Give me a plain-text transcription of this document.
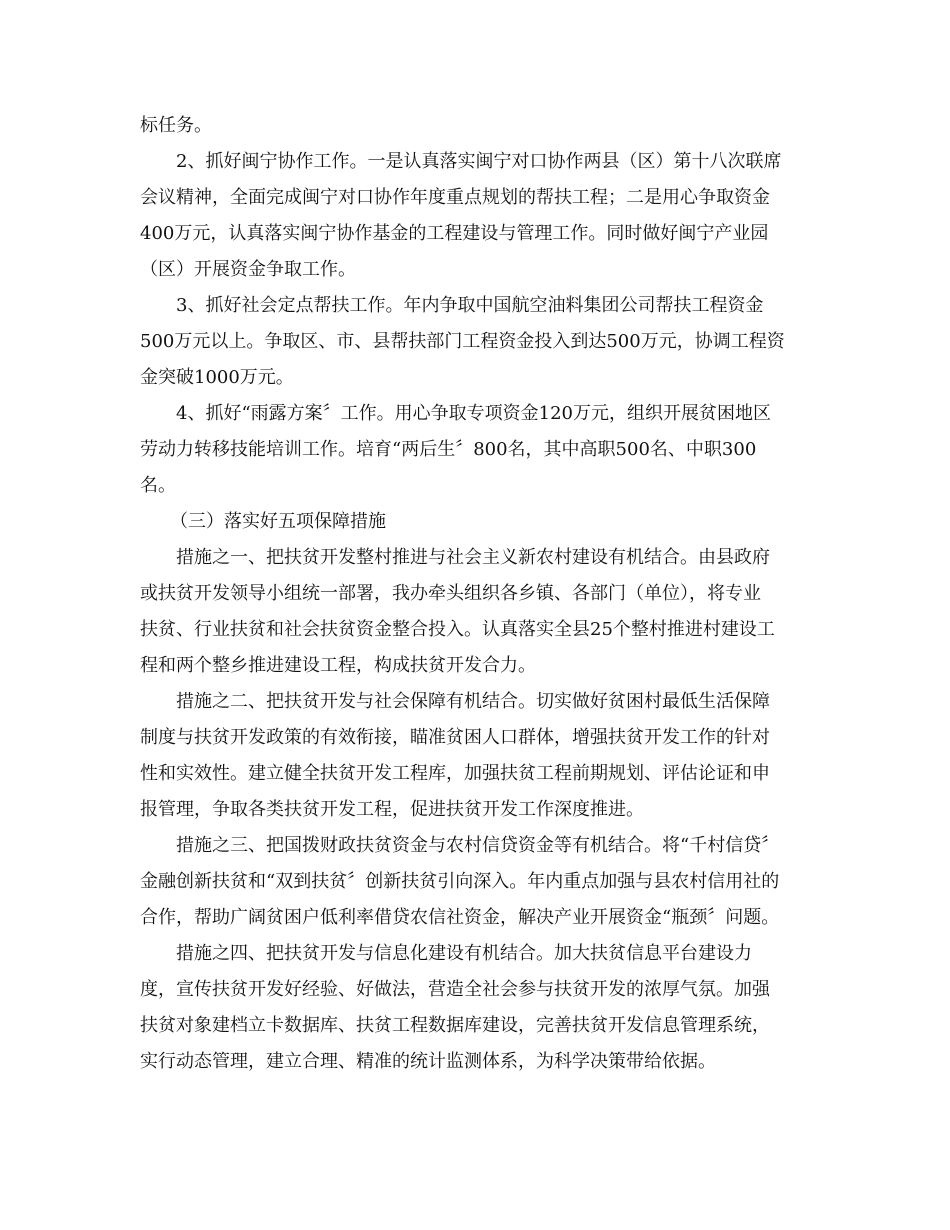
标任务。
2、抓好闽宁协作工作。一是认真落实闽宁对口协作两县（区）第十八次联席
会议精神，全面完成闽宁对口协作年度重点规划的帮扶工程；二是用心争取资金
400万元，认真落实闽宁协作基金的工程建设与管理工作。同时做好闽宁产业园
（区）开展资金争取工作。
3、抓好社会定点帮扶工作。年内争取中国航空油料集团公司帮扶工程资金
500万元以上。争取区、市、县帮扶部门工程资金投入到达500万元，协调工程资
金突破1000万元。
4、抓好“雨露方案〞工作。用心争取专项资金120万元，组织开展贫困地区
劳动力转移技能培训工作。培育“两后生〞800名，其中高职500名、中职300
名。
（三）落实好五项保障措施
措施之一、把扶贫开发整村推进与社会主义新农村建设有机结合。由县政府
或扶贫开发领导小组统一部署，我办牵头组织各乡镇、各部门（单位），将专业
扶贫、行业扶贫和社会扶贫资金整合投入。认真落实全县25个整村推进村建设工
程和两个整乡推进建设工程，构成扶贫开发合力。
措施之二、把扶贫开发与社会保障有机结合。切实做好贫困村最低生活保障
制度与扶贫开发政策的有效衔接，瞄准贫困人口群体，增强扶贫开发工作的针对
性和实效性。建立健全扶贫开发工程库，加强扶贫工程前期规划、评估论证和申
报管理，争取各类扶贫开发工程，促进扶贫开发工作深度推进。
措施之三、把国拨财政扶贫资金与农村信贷资金等有机结合。将“千村信贷〞
金融创新扶贫和“双到扶贫〞创新扶贫引向深入。年内重点加强与县农村信用社的
合作，帮助广阔贫困户低利率借贷农信社资金，解决产业开展资金“瓶颈〞问题。
措施之四、把扶贫开发与信息化建设有机结合。加大扶贫信息平台建设力
度，宣传扶贫开发好经验、好做法，营造全社会参与扶贫开发的浓厚气氛。加强
扶贫对象建档立卡数据库、扶贫工程数据库建设，完善扶贫开发信息管理系统，
实行动态管理，建立合理、精准的统计监测体系，为科学决策带给依据。
